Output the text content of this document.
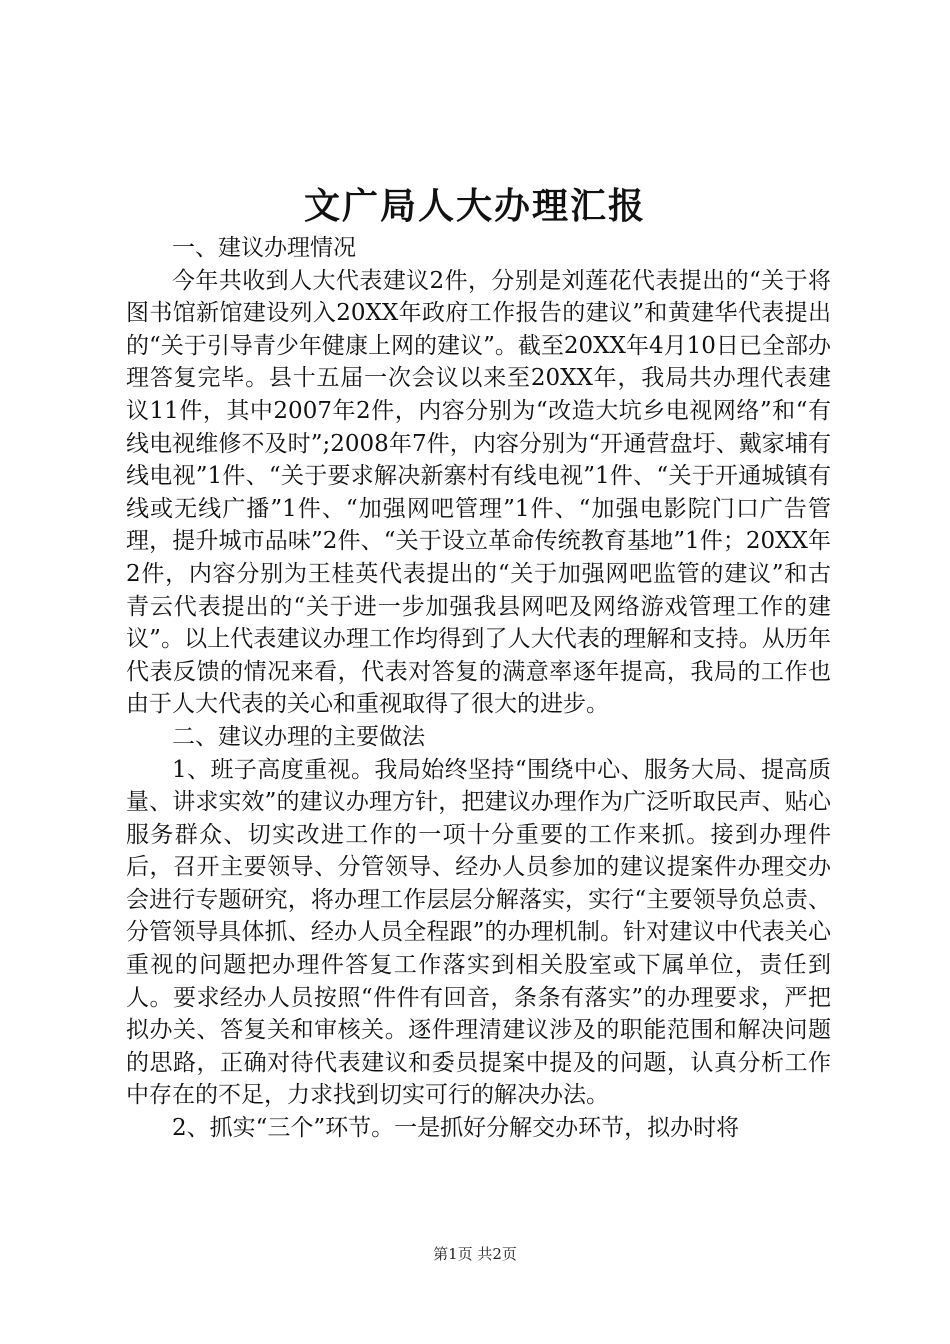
文广局人大办理汇报

一、建议办理情况

今年共收到人大代表建议2件，分别是刘莲花代表提出的“关于将图书馆新馆建设列入20XX年政府工作报告的建议”和黄建华代表提出的“关于引导青少年健康上网的建议”。截至20XX年4月10日已全部办理答复完毕。县十五届一次会议以来至20XX年，我局共办理代表建议11件，其中2007年2件，内容分别为“改造大坑乡电视网络”和“有线电视维修不及时”;2008年7件，内容分别为“开通营盘圩、戴家埔有线电视”1件、“关于要求解决新寨村有线电视”1件、“关于开通城镇有线或无线广播”1件、“加强网吧管理”1件、“加强电影院门口广告管理，提升城市品味”2件、“关于设立革命传统教育基地”1件；20XX年2件，内容分别为王桂英代表提出的“关于加强网吧监管的建议”和古青云代表提出的“关于进一步加强我县网吧及网络游戏管理工作的建议”。以上代表建议办理工作均得到了人大代表的理解和支持。从历年代表反馈的情况来看，代表对答复的满意率逐年提高，我局的工作也由于人大代表的关心和重视取得了很大的进步。

二、建议办理的主要做法

1、班子高度重视。我局始终坚持“围绕中心、服务大局、提高质量、讲求实效”的建议办理方针，把建议办理作为广泛听取民声、贴心服务群众、切实改进工作的一项十分重要的工作来抓。接到办理件后，召开主要领导、分管领导、经办人员参加的建议提案件办理交办会进行专题研究，将办理工作层层分解落实，实行“主要领导负总责、分管领导具体抓、经办人员全程跟”的办理机制。针对建议中代表关心重视的问题把办理件答复工作落实到相关股室或下属单位，责任到人。要求经办人员按照“件件有回音，条条有落实”的办理要求，严把拟办关、答复关和审核关。逐件理清建议涉及的职能范围和解决问题的思路，正确对待代表建议和委员提案中提及的问题，认真分析工作中存在的不足，力求找到切实可行的解决办法。

2、抓实“三个”环节。一是抓好分解交办环节，拟办时将

第1页 共2页
